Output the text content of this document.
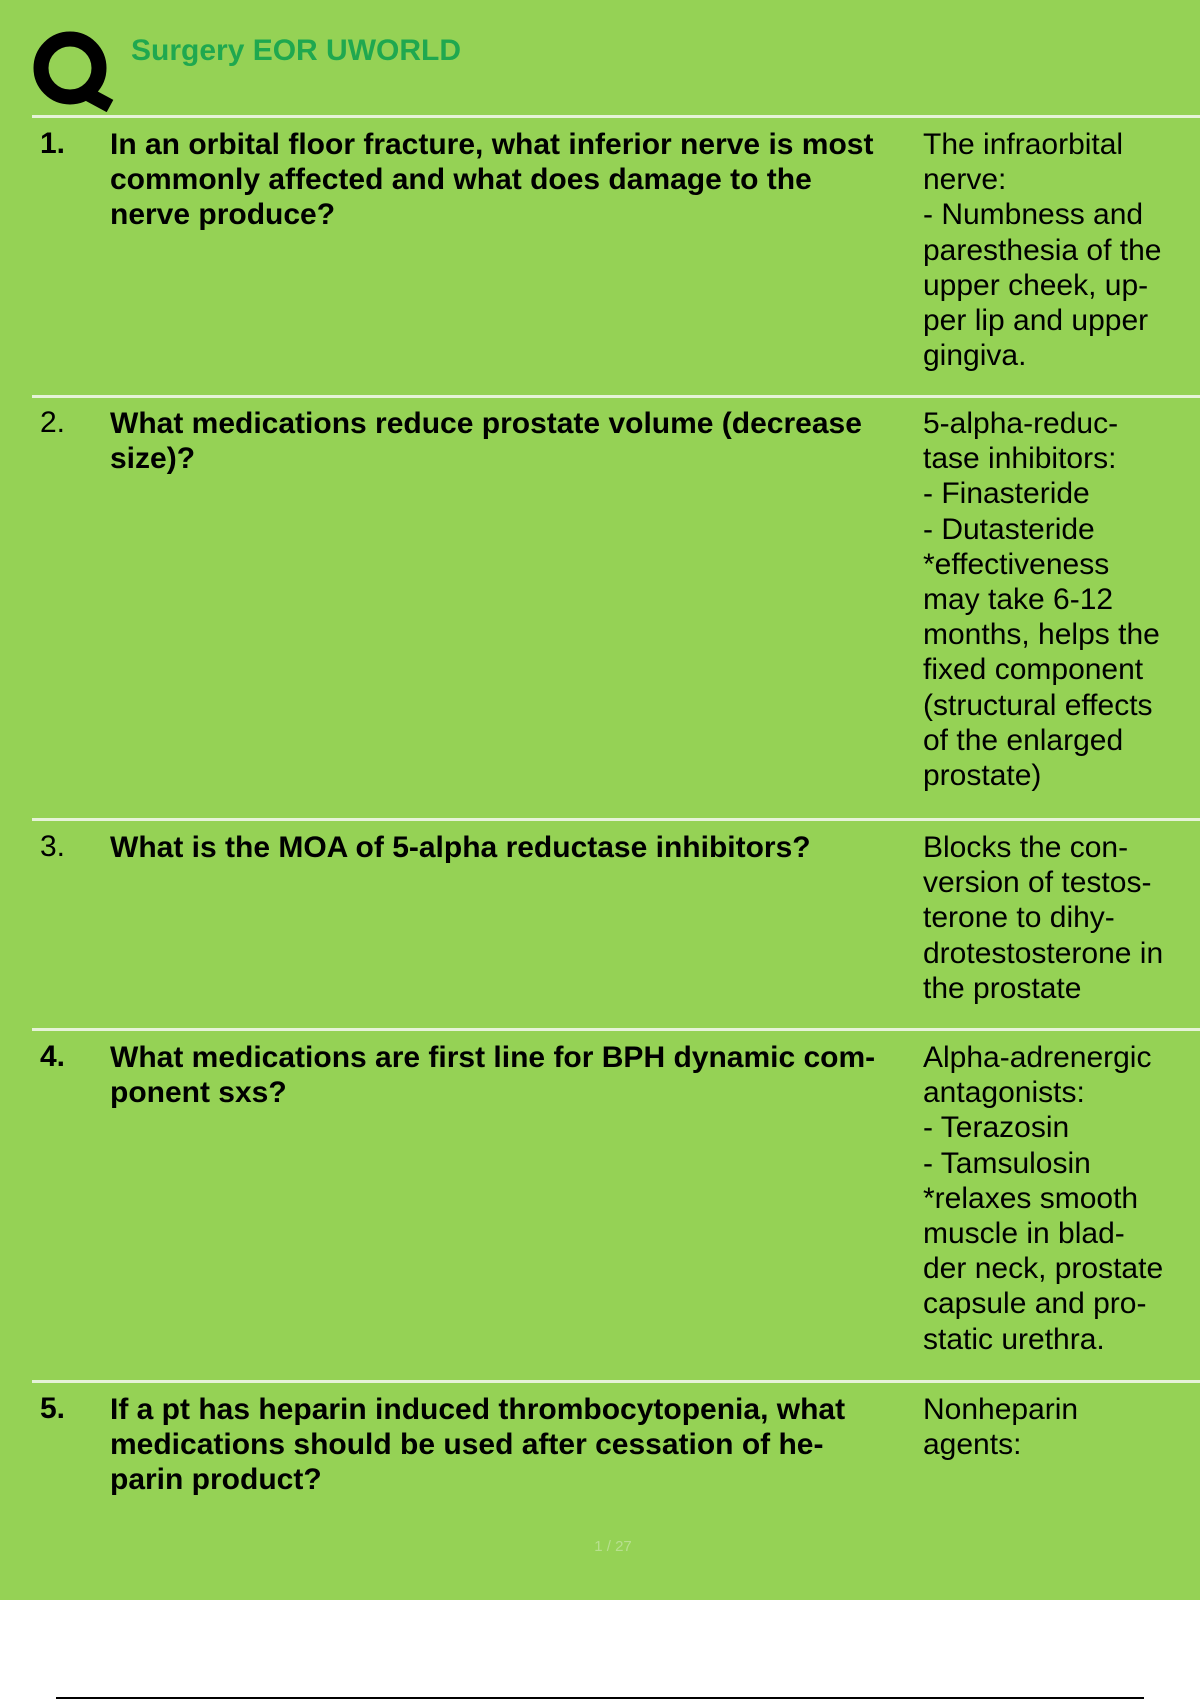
Surgery EOR UWORLD
1. In an orbital floor fracture, what inferior nerve is most
commonly affected and what does damage to the
nerve produce?
The infraorbital
nerve:
- Numbness and
paresthesia of the
upper cheek, up-
per lip and upper
gingiva.
2. What medications reduce prostate volume (decrease
size)?
5-alpha-reduc-
tase inhibitors:
- Finasteride
- Dutasteride
*effectiveness
may take 6-12
months, helps the
fixed component
(structural effects
of the enlarged
prostate)
3. What is the MOA of 5-alpha reductase inhibitors?	Blocks the con-
version of testos-
terone to dihy-
drotestosterone in
the prostate
4. What medications are first line for BPH dynamic com-
ponent sxs?
Alpha-adrenergic
antagonists:
- Terazosin
- Tamsulosin
*relaxes smooth
muscle in blad-
der neck, prostate
capsule and pro-
static urethra.
5. If a pt has heparin induced thrombocytopenia, what
medications should be used after cessation of he-
parin product?
Nonheparin
agents:
1 / 27
